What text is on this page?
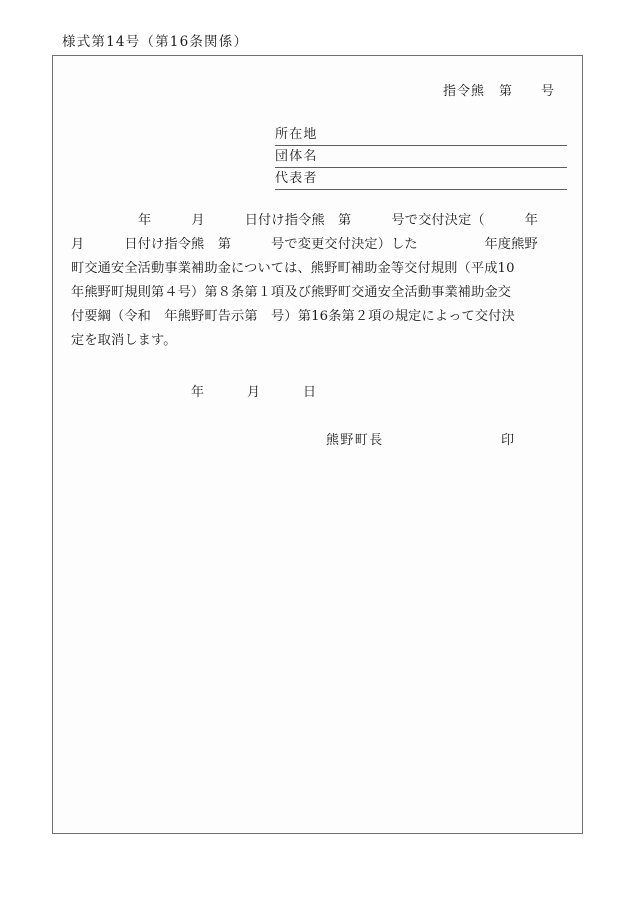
様式第14号（第16条関係）
指令熊　第　　号
所在地
団体名
代表者
年　　　月　　　日付け指令熊　第　　　号で交付決定（　　　年
月　　　日付け指令熊　第　　　号で変更交付決定）した　　　　　年度熊野
町交通安全活動事業補助金については、熊野町補助金等交付規則（平成10
年熊野町規則第４号）第８条第１項及び熊野町交通安全活動事業補助金交
付要綱（令和　年熊野町告示第　号）第16条第２項の規定によって交付決
定を取消します。
年　　　月　　　日
熊野町長	印
